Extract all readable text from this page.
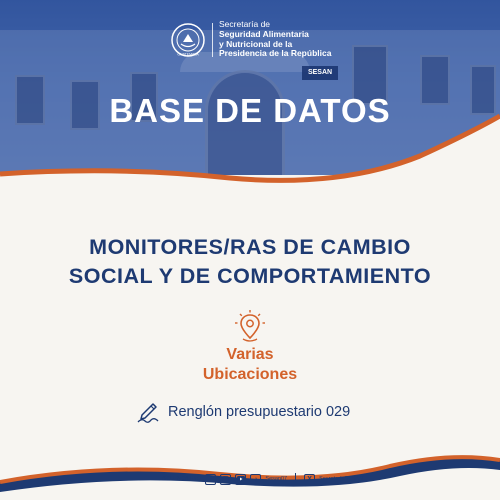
SESAN
GUATEMALA
Secretaría de
Seguridad Alimentaria
y Nutricional de la
Presidencia de la República
BASE DE DATOS
MONITORES/RAS DE CAMBIO
SOCIAL Y DE COMPORTAMIENTO
Varias
Ubicaciones
Renglón presupuestario 029
SÍGUENOS EN:	f	♪	Sesan07	X	SecretaríaSESAN
